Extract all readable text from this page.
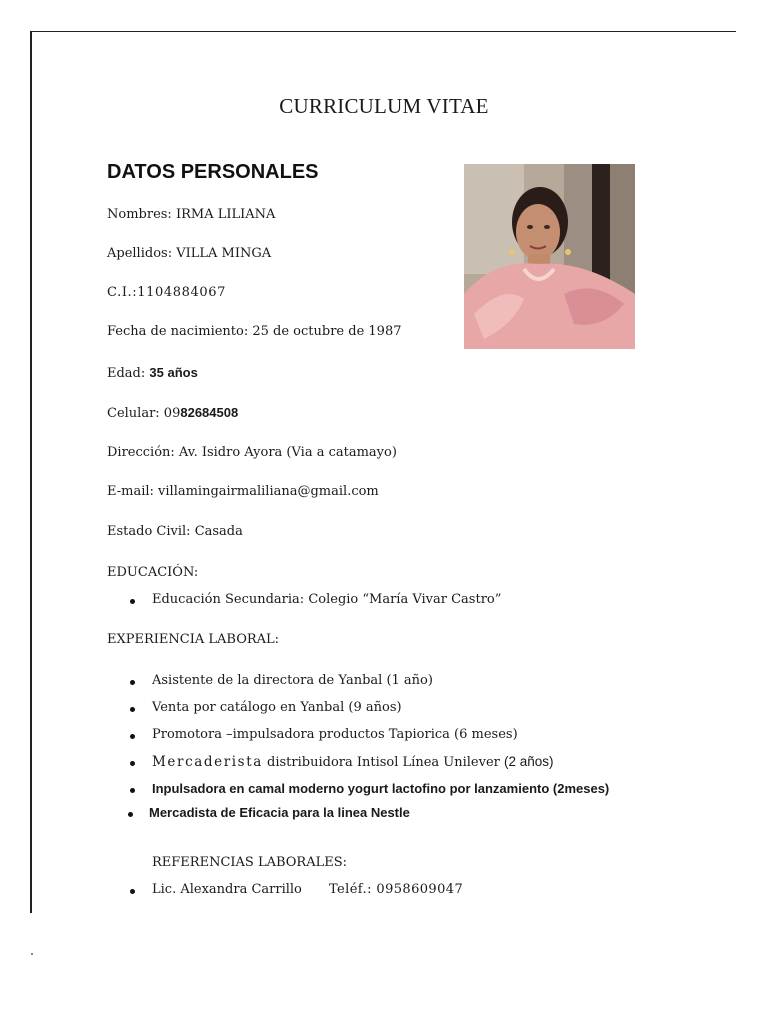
CURRICULUM VITAE
DATOS PERSONALES
Nombres: IRMA LILIANA
Apellidos: VILLA MINGA
C.I.:1104884067
Fecha de nacimiento: 25 de octubre de 1987
Edad: 35 años
Celular: 0982684508
Dirección: Av. Isidro Ayora (Via a catamayo)
E-mail: villamingairmaliliana@gmail.com
Estado Civil: Casada
EDUCACIÓN:
Educación Secundaria: Colegio “María Vivar Castro”
EXPERIENCIA LABORAL:
Asistente de la directora de Yanbal (1 año)
Venta por catálogo en Yanbal (9 años)
Promotora –impulsadora productos Tapiorica (6 meses)
Mercaderista distribuidora Intisol Línea Unilever (2 años)
Inpulsadora en camal moderno yogurt lactofino por lanzamiento (2meses)
Mercadista de Eficacia para la linea Nestle
REFERENCIAS LABORALES:
Lic. Alexandra Carrillo Teléf.: 0958609047
